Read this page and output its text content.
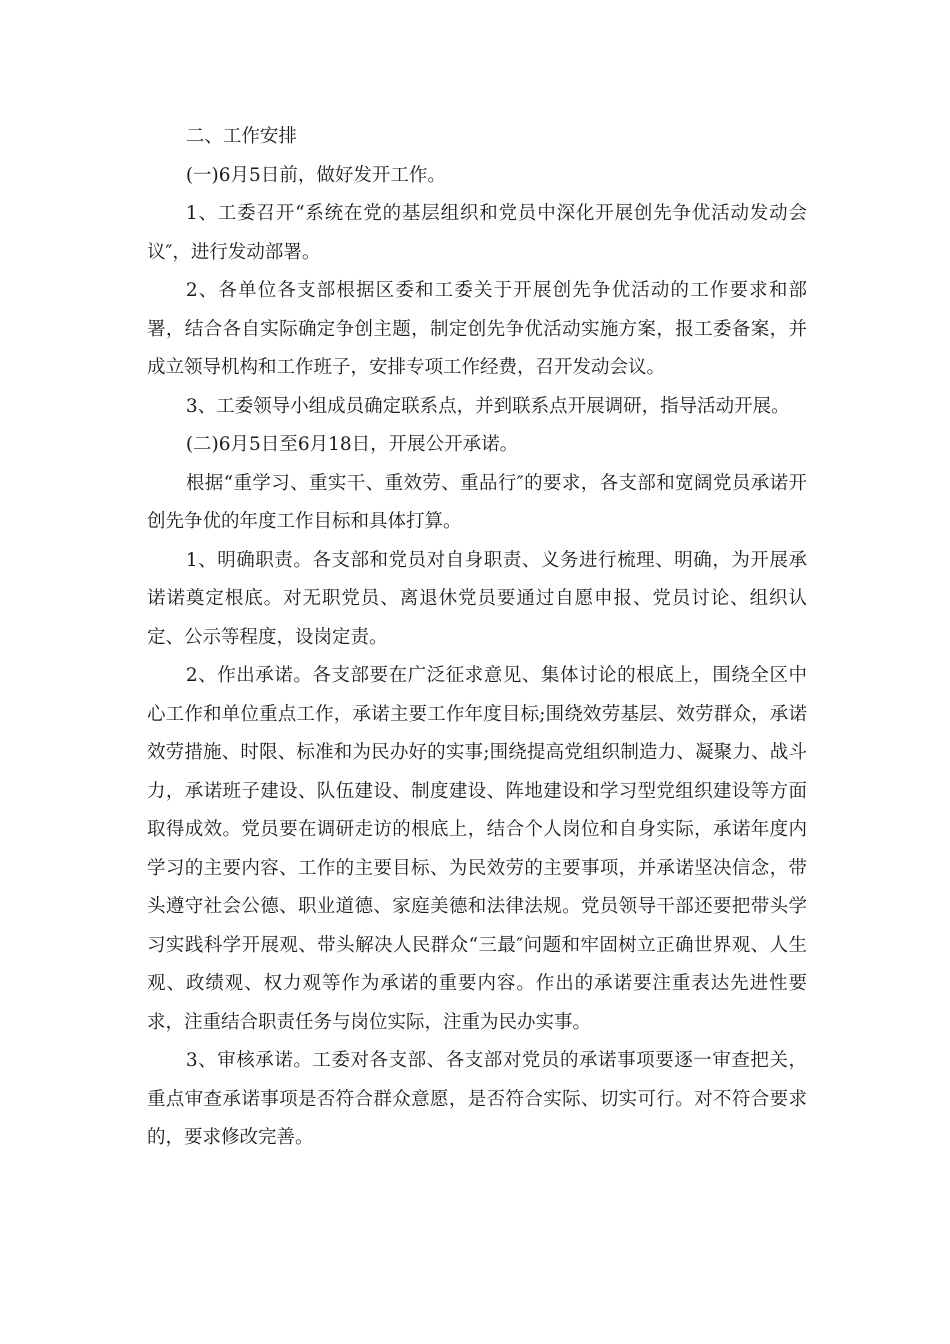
二、工作安排

(一)6月5日前，做好发开工作。

1、工委召开“系统在党的基层组织和党员中深化开展创先争优活动发动会议″，进行发动部署。

2、各单位各支部根据区委和工委关于开展创先争优活动的工作要求和部署，结合各自实际确定争创主题，制定创先争优活动实施方案，报工委备案，并成立领导机构和工作班子，安排专项工作经费，召开发动会议。

3、工委领导小组成员确定联系点，并到联系点开展调研，指导活动开展。

(二)6月5日至6月18日，开展公开承诺。

根据“重学习、重实干、重效劳、重品行″的要求，各支部和宽阔党员承诺开创先争优的年度工作目标和具体打算。

1、明确职责。各支部和党员对自身职责、义务进行梳理、明确，为开展承诺诺奠定根底。对无职党员、离退休党员要通过自愿申报、党员讨论、组织认定、公示等程度，设岗定责。

2、作出承诺。各支部要在广泛征求意见、集体讨论的根底上，围绕全区中心工作和单位重点工作，承诺主要工作年度目标;围绕效劳基层、效劳群众，承诺效劳措施、时限、标准和为民办好的实事;围绕提高党组织制造力、凝聚力、战斗力，承诺班子建设、队伍建设、制度建设、阵地建设和学习型党组织建设等方面取得成效。党员要在调研走访的根底上，结合个人岗位和自身实际，承诺年度内学习的主要内容、工作的主要目标、为民效劳的主要事项，并承诺坚决信念，带头遵守社会公德、职业道德、家庭美德和法律法规。党员领导干部还要把带头学习实践科学开展观、带头解决人民群众“三最″问题和牢固树立正确世界观、人生观、政绩观、权力观等作为承诺的重要内容。作出的承诺要注重表达先进性要求，注重结合职责任务与岗位实际，注重为民办实事。

3、审核承诺。工委对各支部、各支部对党员的承诺事项要逐一审查把关，重点审查承诺事项是否符合群众意愿，是否符合实际、切实可行。对不符合要求的，要求修改完善。
